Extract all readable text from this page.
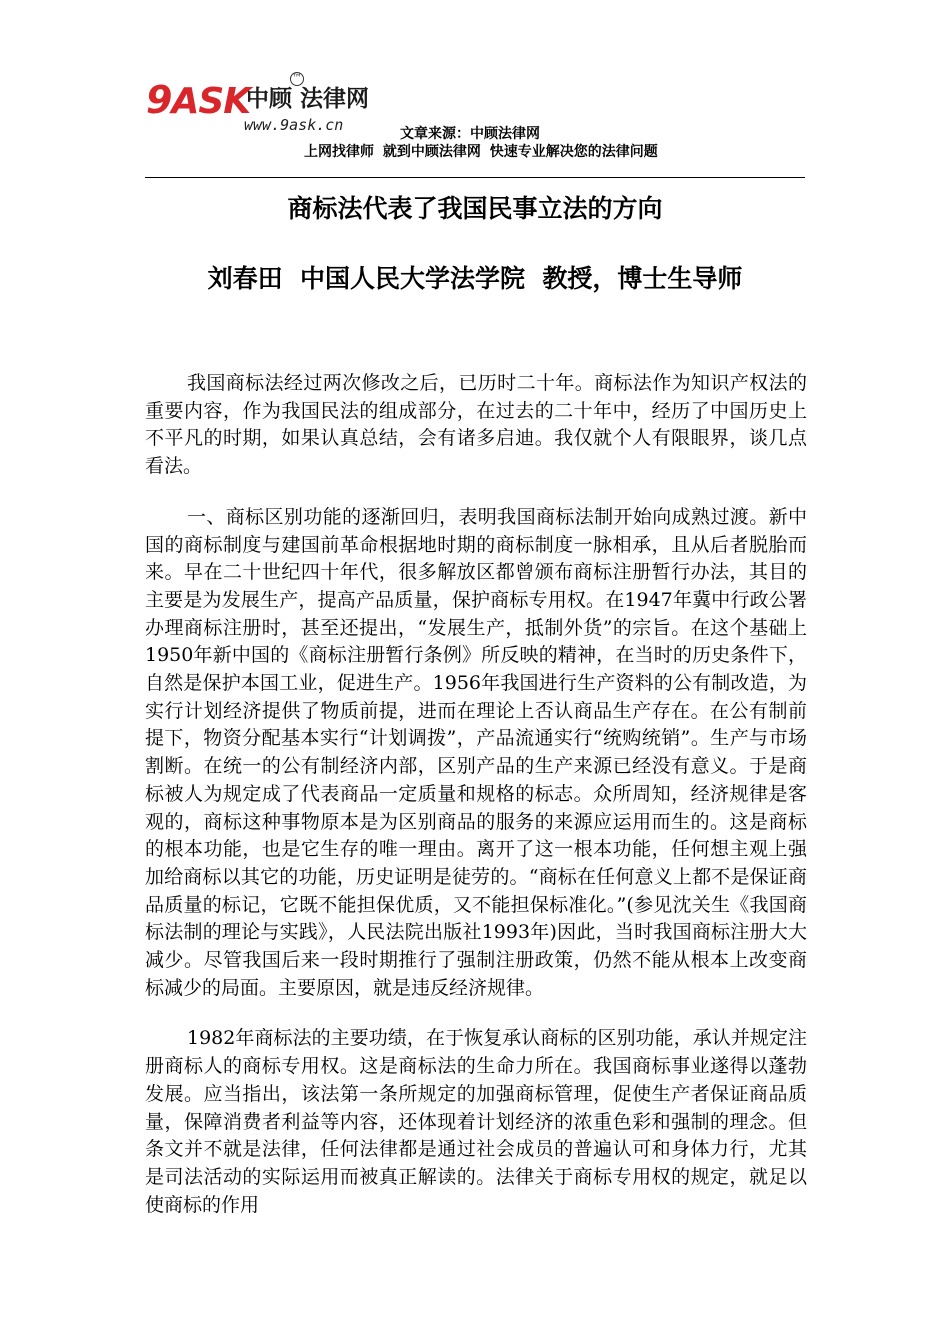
9ASK
中顾 法律网
™
www.9ask.cn	文章来源：中顾法律网
上网找律师 就到中顾法律网 快速专业解决您的法律问题
商标法代表了我国民事立法的方向
刘春田  中国人民大学法学院  教授，博士生导师

我国商标法经过两次修改之后，已历时二十年。商标法作为知识产权法的重要内容，作为我国民法的组成部分，在过去的二十年中，经历了中国历史上不平凡的时期，如果认真总结，会有诸多启迪。我仅就个人有限眼界，谈几点看法。

一、商标区别功能的逐渐回归，表明我国商标法制开始向成熟过渡。新中国的商标制度与建国前革命根据地时期的商标制度一脉相承，且从后者脱胎而来。早在二十世纪四十年代，很多解放区都曾颁布商标注册暂行办法，其目的主要是为发展生产，提高产品质量，保护商标专用权。在1947年冀中行政公署办理商标注册时，甚至还提出，“发展生产，抵制外货”的宗旨。在这个基础上1950年新中国的《商标注册暂行条例》所反映的精神，在当时的历史条件下，自然是保护本国工业，促进生产。1956年我国进行生产资料的公有制改造，为实行计划经济提供了物质前提，进而在理论上否认商品生产存在。在公有制前提下，物资分配基本实行“计划调拨”，产品流通实行“统购统销”。生产与市场割断。在统一的公有制经济内部，区别产品的生产来源已经没有意义。于是商标被人为规定成了代表商品一定质量和规格的标志。众所周知，经济规律是客观的，商标这种事物原本是为区别商品的服务的来源应运用而生的。这是商标的根本功能，也是它生存的唯一理由。离开了这一根本功能，任何想主观上强加给商标以其它的功能，历史证明是徒劳的。“商标在任何意义上都不是保证商品质量的标记，它既不能担保优质，又不能担保标准化。”(参见沈关生《我国商标法制的理论与实践》，人民法院出版社1993年)因此，当时我国商标注册大大减少。尽管我国后来一段时期推行了强制注册政策，仍然不能从根本上改变商标减少的局面。主要原因，就是违反经济规律。

1982年商标法的主要功绩，在于恢复承认商标的区别功能，承认并规定注册商标人的商标专用权。这是商标法的生命力所在。我国商标事业遂得以蓬勃发展。应当指出，该法第一条所规定的加强商标管理，促使生产者保证商品质量，保障消费者利益等内容，还体现着计划经济的浓重色彩和强制的理念。但条文并不就是法律，任何法律都是通过社会成员的普遍认可和身体力行，尤其是司法活动的实际运用而被真正解读的。法律关于商标专用权的规定，就足以使商标的作用
